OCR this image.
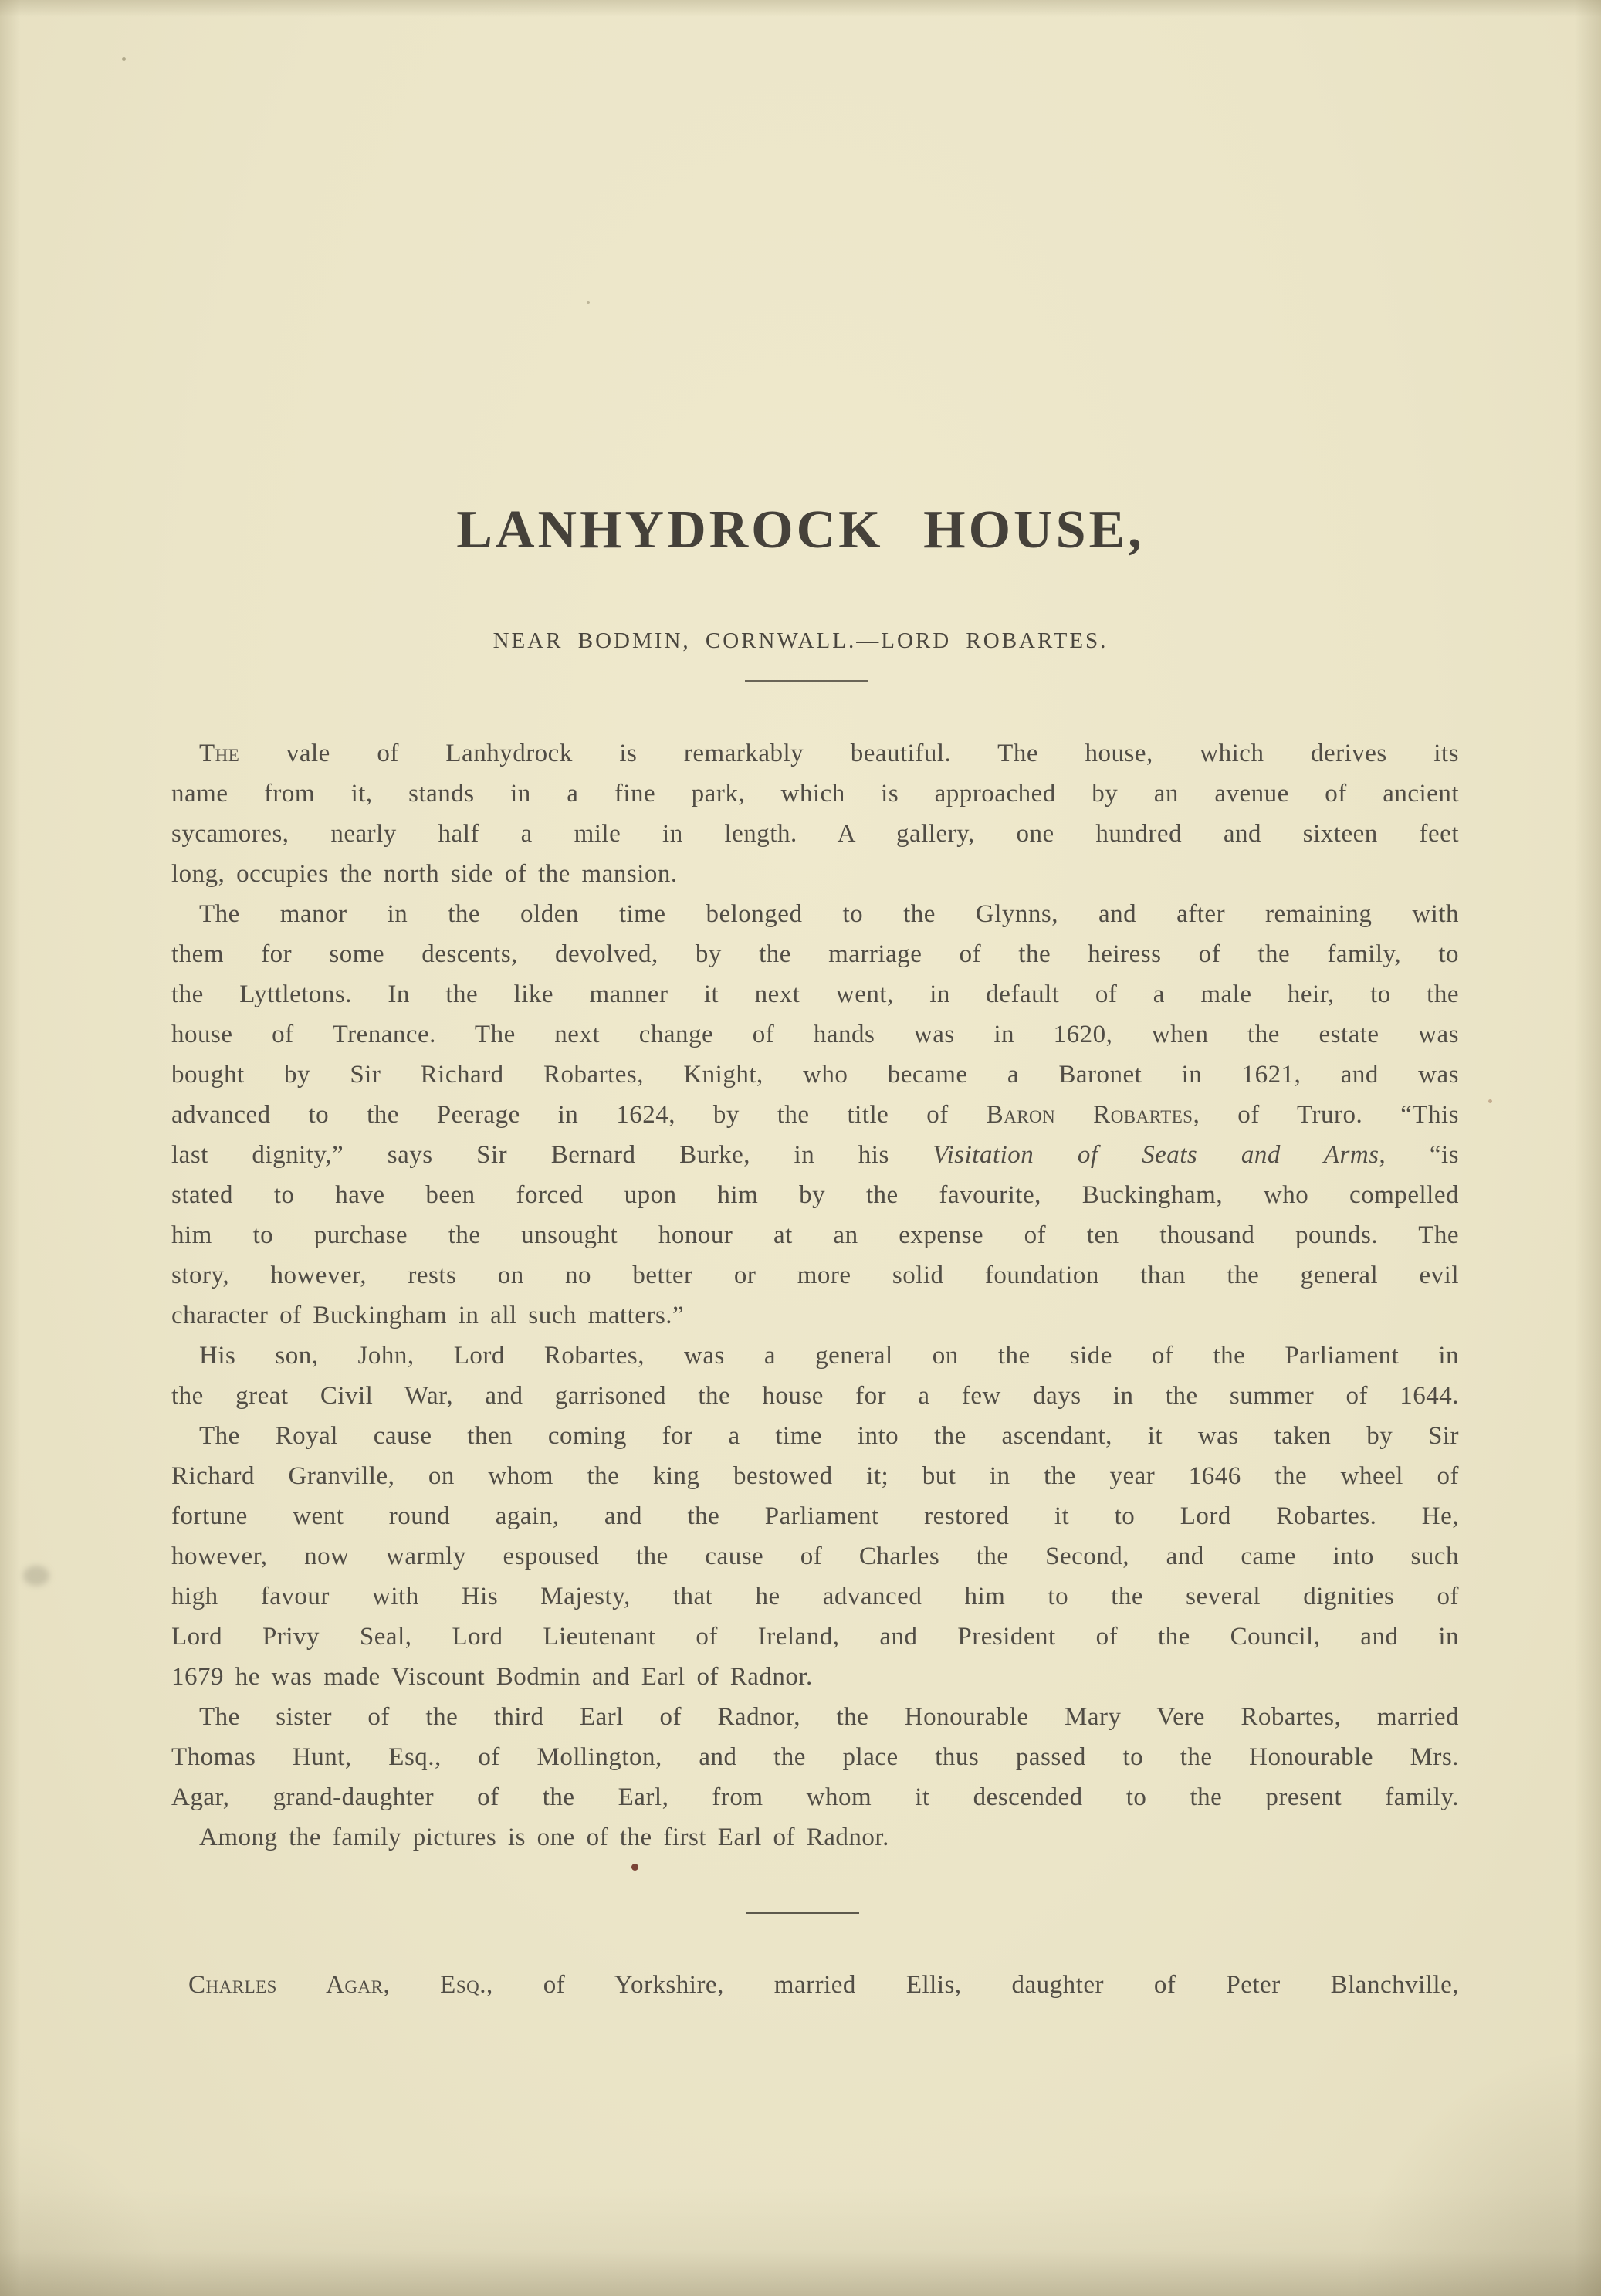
LANHYDROCK HOUSE,
NEAR BODMIN, CORNWALL.—LORD ROBARTES.
The vale of Lanhydrock is remarkably beautiful. The house, which derives its
name from it, stands in a fine park, which is approached by an avenue of ancient
sycamores, nearly half a mile in length. A gallery, one hundred and sixteen feet
long, occupies the north side of the mansion.
The manor in the olden time belonged to the Glynns, and after remaining with
them for some descents, devolved, by the marriage of the heiress of the family, to
the Lyttletons. In the like manner it next went, in default of a male heir, to the
house of Trenance. The next change of hands was in 1620, when the estate was
bought by Sir Richard Robartes, Knight, who became a Baronet in 1621, and was
advanced to the Peerage in 1624, by the title of Baron Robartes, of Truro. “This
last dignity,” says Sir Bernard Burke, in his Visitation of Seats and Arms, “is
stated to have been forced upon him by the favourite, Buckingham, who compelled
him to purchase the unsought honour at an expense of ten thousand pounds. The
story, however, rests on no better or more solid foundation than the general evil
character of Buckingham in all such matters.”
His son, John, Lord Robartes, was a general on the side of the Parliament in
the great Civil War, and garrisoned the house for a few days in the summer of 1644.
The Royal cause then coming for a time into the ascendant, it was taken by Sir
Richard Granville, on whom the king bestowed it; but in the year 1646 the wheel of
fortune went round again, and the Parliament restored it to Lord Robartes. He,
however, now warmly espoused the cause of Charles the Second, and came into such
high favour with His Majesty, that he advanced him to the several dignities of
Lord Privy Seal, Lord Lieutenant of Ireland, and President of the Council, and in
1679 he was made Viscount Bodmin and Earl of Radnor.
The sister of the third Earl of Radnor, the Honourable Mary Vere Robartes, married
Thomas Hunt, Esq., of Mollington, and the place thus passed to the Honourable Mrs.
Agar, grand-daughter of the Earl, from whom it descended to the present family.
Among the family pictures is one of the first Earl of Radnor.
Charles Agar, Esq., of Yorkshire, married Ellis, daughter of Peter Blanchville,
